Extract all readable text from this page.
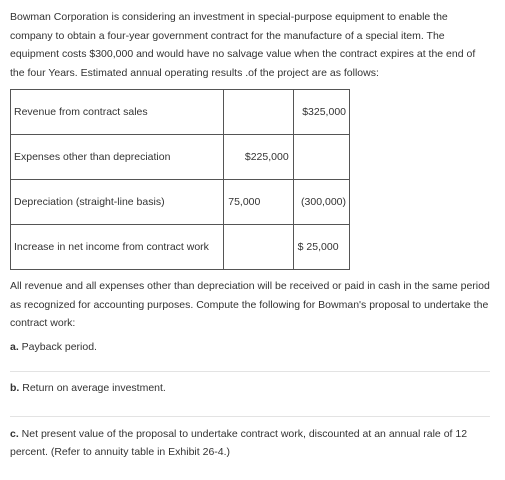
Bowman Corporation is considering an investment in special-purpose equipment to enable the company to obtain a four-year government contract for the manufacture of a special item. The equipment costs $300,000 and would have no salvage value when the contract expires at the end of the four Years. Estimated annual operating results .of the project are as follows:

Revenue from contract sales		$325,000
Expenses other than depreciation	$225,000	
Depreciation (straight-line basis)	75,000	(300,000)
Increase in net income from contract work		$ 25,000

All revenue and all expenses other than depreciation will be received or paid in cash in the same period as recognized for accounting purposes. Compute the following for Bowman's proposal to undertake the contract work:

a. Payback period.

b. Return on average investment.

c. Net present value of the proposal to undertake contract work, discounted at an annual rale of 12 percent. (Refer to annuity table in Exhibit 26-4.)
